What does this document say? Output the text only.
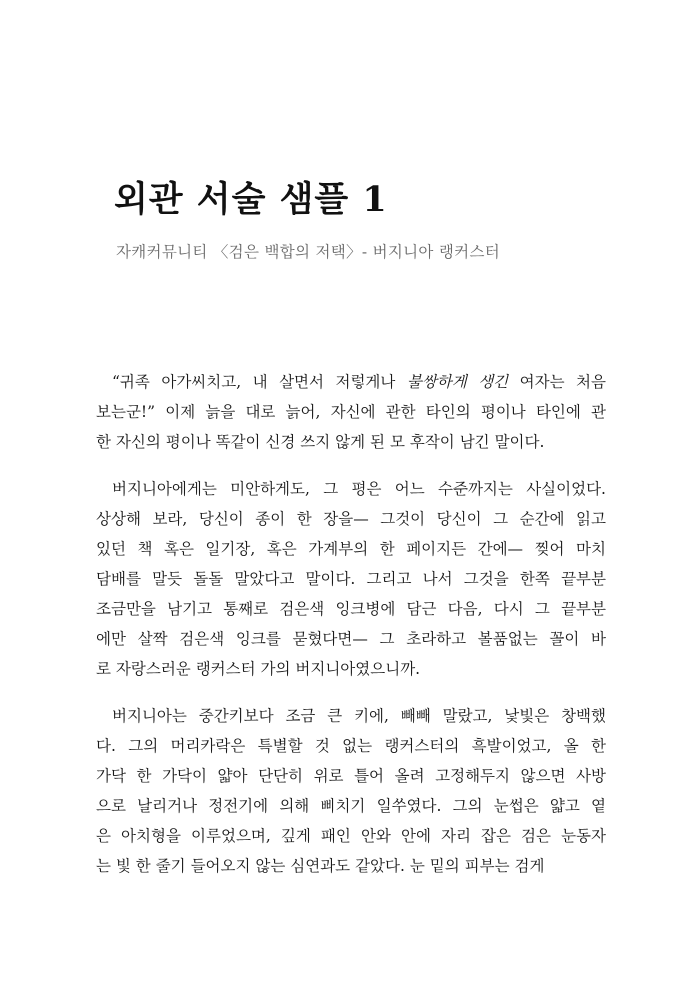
외관 서술 샘플 1

자캐커뮤니티 〈검은 백합의 저택〉- 버지니아 랭커스터

“귀족 아가씨치고, 내 살면서 저렇게나 불쌍하게 생긴 여자는 처음
보는군!” 이제 늙을 대로 늙어, 자신에 관한 타인의 평이나 타인에 관
한 자신의 평이나 똑같이 신경 쓰지 않게 된 모 후작이 남긴 말이다.
버지니아에게는 미안하게도, 그 평은 어느 수준까지는 사실이었다.
상상해 보라, 당신이 종이 한 장을— 그것이 당신이 그 순간에 읽고
있던 책 혹은 일기장, 혹은 가계부의 한 페이지든 간에— 찢어 마치
담배를 말듯 돌돌 말았다고 말이다. 그리고 나서 그것을 한쪽 끝부분
조금만을 남기고 통째로 검은색 잉크병에 담근 다음, 다시 그 끝부분
에만 살짝 검은색 잉크를 묻혔다면— 그 초라하고 볼품없는 꼴이 바
로 자랑스러운 랭커스터 가의 버지니아였으니까.
버지니아는 중간키보다 조금 큰 키에, 빼빼 말랐고, 낯빛은 창백했
다. 그의 머리카락은 특별할 것 없는 랭커스터의 흑발이었고, 올 한
가닥 한 가닥이 얇아 단단히 위로 틀어 올려 고정해두지 않으면 사방
으로 날리거나 정전기에 의해 삐치기 일쑤였다. 그의 눈썹은 얇고 옅
은 아치형을 이루었으며, 깊게 패인 안와 안에 자리 잡은 검은 눈동자
는 빛 한 줄기 들어오지 않는 심연과도 같았다. 눈 밑의 피부는 검게
